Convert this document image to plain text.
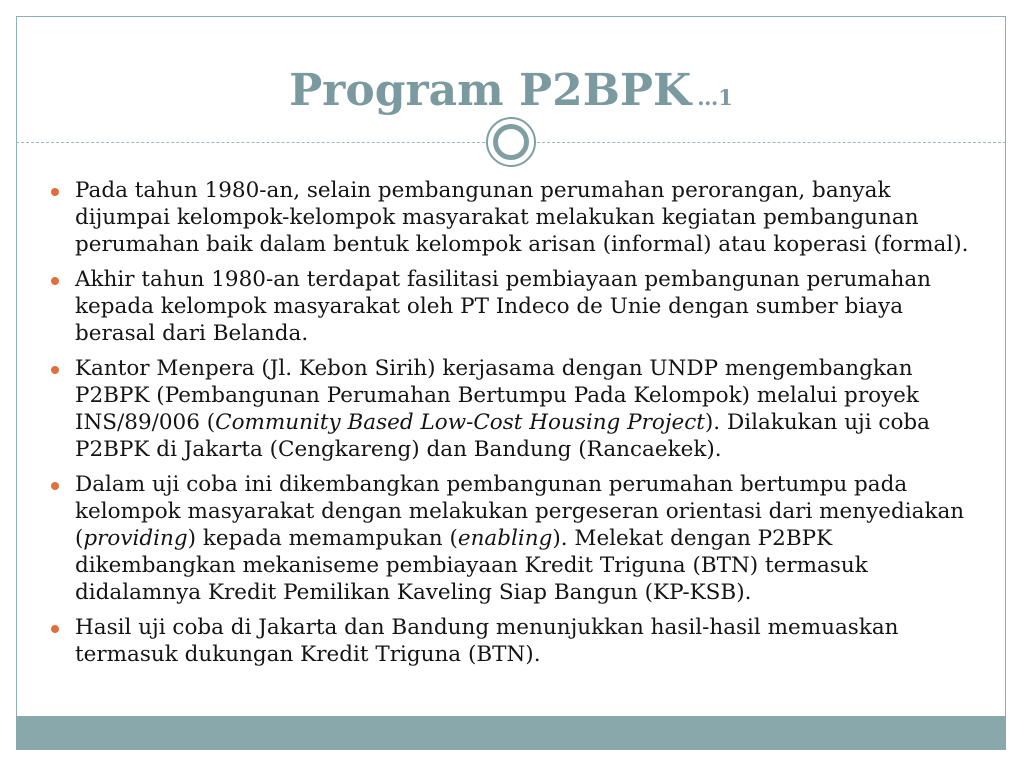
Program P2BPK …1
Pada tahun 1980-an, selain pembangunan perumahan perorangan, banyak dijumpai kelompok-kelompok masyarakat melakukan kegiatan pembangunan perumahan baik dalam bentuk kelompok arisan (informal) atau koperasi (formal).
Akhir tahun 1980-an terdapat fasilitasi pembiayaan pembangunan perumahan kepada kelompok masyarakat oleh PT Indeco de Unie dengan sumber biaya berasal dari Belanda.
Kantor Menpera (Jl. Kebon Sirih) kerjasama dengan UNDP mengembangkan P2BPK (Pembangunan Perumahan Bertumpu Pada Kelompok) melalui proyek INS/89/006 (Community Based Low-Cost Housing Project). Dilakukan uji coba P2BPK di Jakarta (Cengkareng) dan Bandung (Rancaekek).
Dalam uji coba ini dikembangkan pembangunan perumahan bertumpu pada kelompok masyarakat dengan melakukan pergeseran orientasi dari menyediakan (providing) kepada memampukan (enabling). Melekat dengan P2BPK dikembangkan mekaniseme pembiayaan Kredit Triguna (BTN) termasuk didalamnya Kredit Pemilikan Kaveling Siap Bangun (KP-KSB).
Hasil uji coba di Jakarta dan Bandung menunjukkan hasil-hasil memuaskan termasuk dukungan Kredit Triguna (BTN).
